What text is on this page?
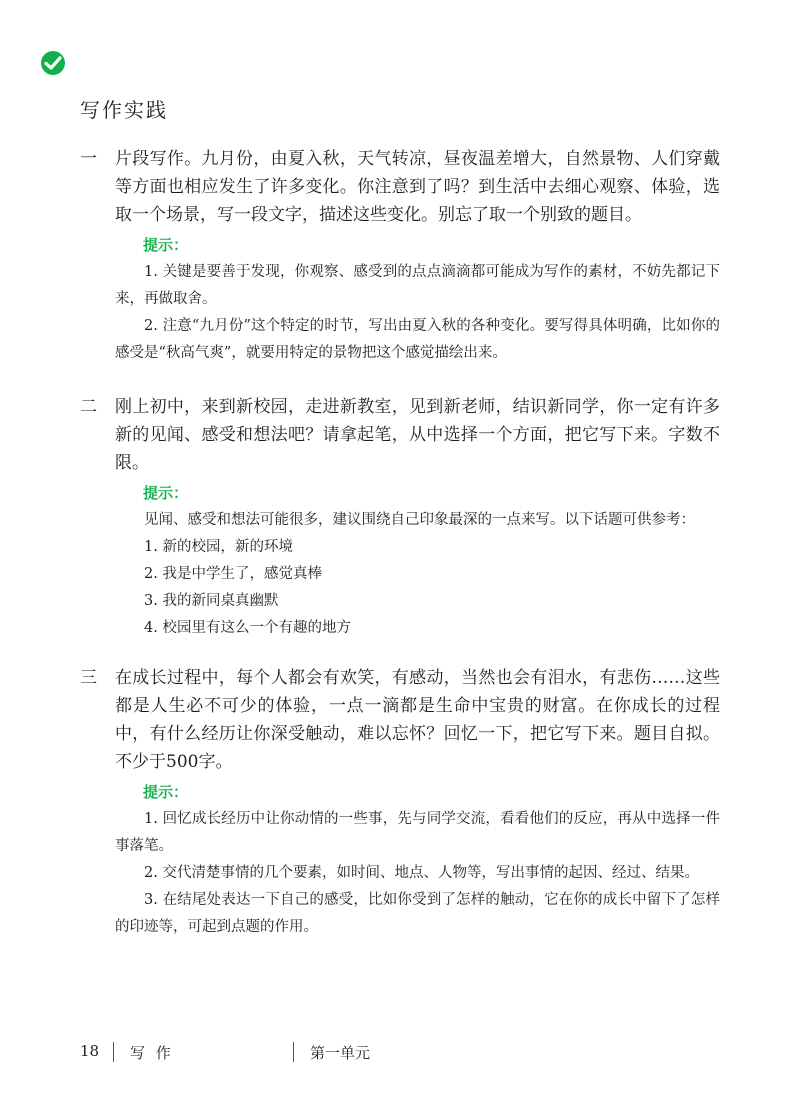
写作实践
一	片段写作。九月份，由夏入秋，天气转凉，昼夜温差增大，自然景物、人们穿戴等方面也相应发生了许多变化。你注意到了吗？到生活中去细心观察、体验，选取一个场景，写一段文字，描述这些变化。别忘了取一个别致的题目。

提示：

1. 关键是要善于发现，你观察、感受到的点点滴滴都可能成为写作的素材，不妨先都记下来，再做取舍。

2. 注意“九月份”这个特定的时节，写出由夏入秋的各种变化。要写得具体明确，比如你的感受是“秋高气爽”，就要用特定的景物把这个感觉描绘出来。

二	刚上初中，来到新校园，走进新教室，见到新老师，结识新同学，你一定有许多新的见闻、感受和想法吧？请拿起笔，从中选择一个方面，把它写下来。字数不限。

提示：

见闻、感受和想法可能很多，建议围绕自己印象最深的一点来写。以下话题可供参考：

1. 新的校园，新的环境

2. 我是中学生了，感觉真棒

3. 我的新同桌真幽默

4. 校园里有这么一个有趣的地方

三	在成长过程中，每个人都会有欢笑，有感动，当然也会有泪水，有悲伤……这些都是人生必不可少的体验，一点一滴都是生命中宝贵的财富。在你成长的过程中，有什么经历让你深受触动，难以忘怀？回忆一下，把它写下来。题目自拟。不少于500字。

提示：

1. 回忆成长经历中让你动情的一些事，先与同学交流，看看他们的反应，再从中选择一件事落笔。

2. 交代清楚事情的几个要素，如时间、地点、人物等，写出事情的起因、经过、结果。

3. 在结尾处表达一下自己的感受，比如你受到了怎样的触动，它在你的成长中留下了怎样的印迹等，可起到点题的作用。

18 写 作	第一单元
